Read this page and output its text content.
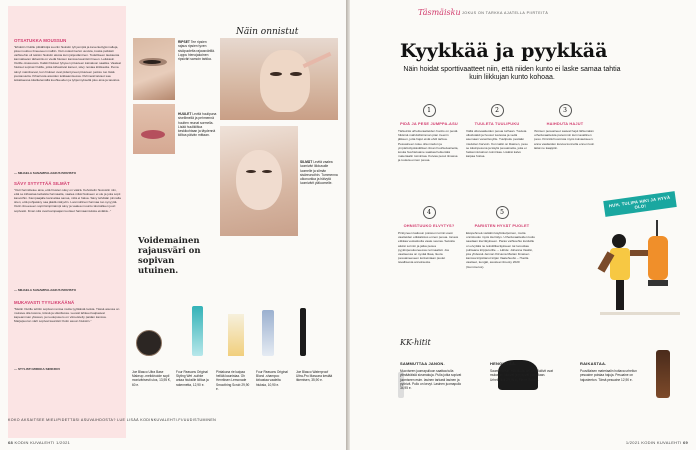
OTSATUKKA MOUSSUN
”Ehdotin Outille pitkähköjä suoriin hiuksiin tyhyempiä ja keventettyjä malleja, joka muuttuu ilmeeseen malliin. Outi ostasti kertoi uusista, koska pelkästi vaihtoehto oli tekisin hiuksiin alusta kuin järjestäminen. Todelliseen laukausta kannattavan tärkeintä on viedä hiusten kanssa kauniisti ilmeen. Leikkasin Outille otsasuosio. Kaikki hiukset lyhyeen pituuteen kainaloon saakka. Vaaleat hiukset sopivat Outille, jotka kirkastivat kasvot, sävy nostaa kirkkautta. Ihona sävyt mainitsevat, kun hiukset ovat pidentyneet pituuteen juoksu tuo lisää joustavuutta. Kiharrusta asioiden leikkaamisessa. Pehmeät latvaot saa leikattaessa käsittelemällä kuohkeuden ja tyhjennyksellä joko aina ja tasoitus.
— MIHAELA SANAMPALA/HIUS BRIVISTO
SÄVY SYTYTTÄÄ SILMÄT
”Outi harmittelee aina, että hiusten sävy on väärä. Kehottelin hiusvärin niin, että se kirkastaa keltaista harmaatta, vaalea mikä hiukseen ei ole ja joka sopii kasvoihin. Kampaajalle kannattaa sanoa, mitä ei halua. Sävy tehdään pinnalla siten, että pohjasävy saa jäädä näkyviin. Luonnollinen harmaa tuo syvyyttä. Outin ilmeeseen sopii lämpimämpi sävy ja vaalea muunto täsmälleen juuri sopivasti. Ilman sitä ovat kampaajan tuotteet harmaannuksia eivätkä...”
— MIHAELA SANAMPALA/HIUS BRIVISTO
MUKAVASTI TYYLIKKÄÄNÄ
”Meitin Outille tehtiin sopivan rentoa mutta tyylikästä lookia. Tässä asussa on mukava olla kotona, töissä ja ulkoillessa. Leveät lahkeet kaipaavat kapeamman yläosan, ja neulepusero on viimeistelty paidan kanssa. Marjapuuron värit sopivat kauniisti Outin asuun hiuksiin.”
— STYLISTI MIRKKA SIRIKRIVI
Näin onnistut
RIPSET Tee ripsien rajaus ripsien tyven sisäpuolelta rajausvärillä. Loppu hienojakoinen ripsiväri samoin tarkka.
HUULET Levitä huulipuna sivellimellä ja pehmennä huulten reunat sormella. Lisää huulikiiltoa keskikohtaan ja täydennä kiiltoa päivän mittaan.
SILMÄT Levitä vaalea luomiväri liikkuvalle luomelle ja silmän sisäreunoihin. Tummenna ulkonurkka ja häivytä luomivärit yläluomelle.
Voidemainen rajausväri on sopivan utuinen.
Joe Blasco Ultra Base Makeup -meikkivoide sopii monivärisesti ulos, 13,95 €, 60 e.
Four Reasons Original Styling Wet -suihke antaa hiuksille kiiltoa ja rakennetta, 12,90 e.
Pintakuna rie kaipaa hellää kaunistaa. Oh Henriksen Lemonade Smoothing Scrub 29,90 e.
Four Reasons Original Blond -shampoo kirkastaa vaaleita hiuksia, 10,90 e.
Joe Blasco Waterproof Ultra-Pro Mascara kestää itkemisen, 35,90 e.
KOKO AKSAITSEE MIELIPIDETTÄSI ASUVAIHDOSTA? LUE LISÄÄ KODINKUVALEHTI.FI/UUDISTUMINEN
68 KODIN KUVALEHTI 1/2021
Täsmäisku JOKUS ON TARKKA AJATELLA PIIRTEITÄ
Kyykkää ja pyykkää
Näin hoidat sporttivaatteet niin, että niiden kunto ei laske samaa tahtia kuin liikkujan kunto kohoaa.
1
PIDÄ JA PESE JUMPPA-ASU
Tärkeintä urheiluvaatteiden huolto on pestä hikisinä mahdollisimman pian treenin jälkeen, jotta hajut eivät ehdi tarttua. Pesuaineen tulee olla miedon ja ympäristöystävällisen ilman huuhteluaineita, koska huuhteluaine saattaa heikentää materiaalin toimintaa. Kuivaa pesut ilmassa ja tuuleta ennen pesua.
2
TUULETA TUULIPUKU
Vältä ulkovaatteiden pesua turhaan. Tuuleta ulkoilutakit ja housut tuulessa ja vedä asemaan vanerilevyille. Tuulipuku pestään mieluiten harvoin. Kun takki on likainen, pese se käsinpesuna ja käytä pesuainetta, joka ei heikennä kalvon toimintaa. Lisäksi kalvo kaipaa hoitoa.
3
HAIHDUTA HAJUT
Ihmisen pesuaineet saavat hajut lähtemään urheiluvaatteista paremmin kuin tavallinen pesu. Kiinnitä huomiota myös kuivaukseen: anna vaatteiden kuivua kunnolla ennen kuin laitat ne kaappiin.
4
OHNISTUUKO ELVYTYS?
Pinttyneen kaikuun poistoon toimii usein vaatteiden etikkaliotus ennen pesua. Ionaus etikkaa vesiaskolta vaate seuraa. Sekoita aluksi sormin ja jatka pesua pyykinpesukoneessa normaalisti. Jos vaatteessa on syvää likaa, liuota pesuaineeseen korkeintaan puolet tavallisesta annoksesta.
5
PARISTEN HYVÄT PUOLET
Ekopehmeä vieläkin käyttökelpoinen, mutta onnistuuko myös kierrätys. Urheiluvaatteiden kuitu saadaan kierrätykseen. Paras vaihtoehto kuiduille on elvyttää ne tekstiilikeräykseen tai luovuttaa puhtaana kirpputorille. – Lähde: Johanna Vaskki, jota yhdessä Jennan Kiiruuna Marian Ilmaisen kanssa kirjoittanut kirjan Vaatehuolto – Huolla vaatteet, kengät, asusteet ilmesty 2020 (Gummerus).
HUH, TULIPA HIKI JA HYVÄ OLO!
KK-hitit
SAMMUTTAA JANON.
Muoviseen juomapulloon saattaa tulla ylimääräisiä sivumakuja. Pulla jotka sopivat juomiseen esim. lasinen tarkasti lasinen ja pyörivä. Pullo on kevyt. Lasinen juomapullo 34,95 e.
HENGITTÄÄ.
Saumattomat, mikrokuituiset urheiluliivit ovat mukavan tukevat ja pysyvät paikallaan. Urheiluliivit 29,95 e, Pierre Robert.
RAIKASTAA.
Puuvillaisen materiaalin hoitava urheilun pesuaine poistaa hajuja. Pesuaine on hajusteeton. Tämä pesuaine 12,90 e.
1/2021 KODIN KUVALEHTI 69
